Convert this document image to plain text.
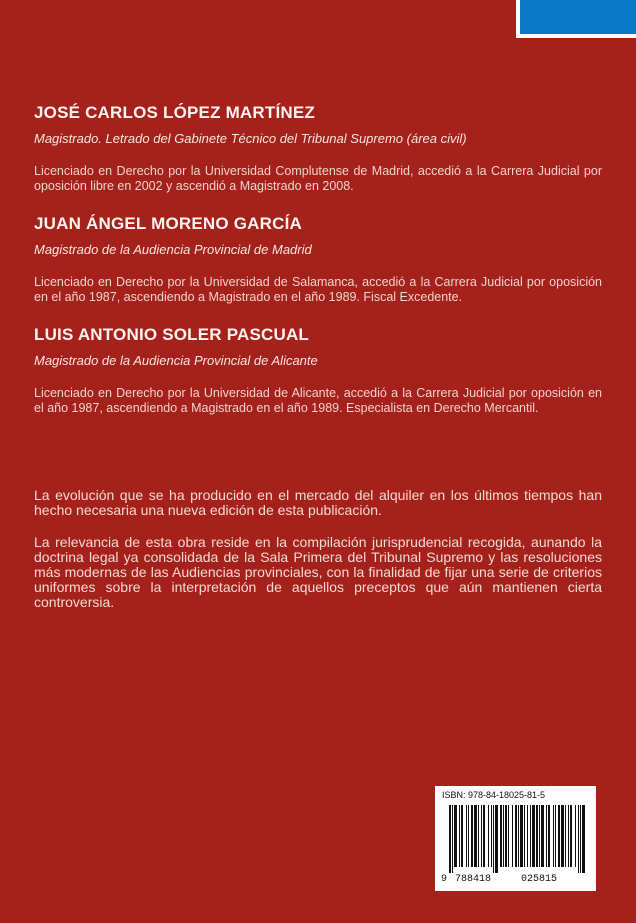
JOSÉ CARLOS LÓPEZ MARTÍNEZ

Magistrado. Letrado del Gabinete Técnico del Tribunal Supremo (área civil)

Licenciado en Derecho por la Universidad Complutense de Madrid, accedió a la Carrera Judicial por oposición libre en 2002 y ascendió a Magistrado en 2008.

JUAN ÁNGEL MORENO GARCÍA

Magistrado de la Audiencia Provincial de Madrid

Licenciado en Derecho por la Universidad de Salamanca, accedió a la Carrera Judicial por oposición en el año 1987, ascendiendo a Magistrado en el año 1989. Fiscal Excedente.

LUIS ANTONIO SOLER PASCUAL

Magistrado de la Audiencia Provincial de Alicante

Licenciado en Derecho por la Universidad de Alicante, accedió a la Carrera Judicial por oposición en el año 1987, ascendiendo a Magistrado en el año 1989. Especialista en Derecho Mercantil.

La evolución que se ha producido en el mercado del alquiler en los últimos tiempos han hecho necesaria una nueva edición de esta publicación.

La relevancia de esta obra reside en la compilación jurisprudencial recogida, aunando la doctrina legal ya consolidada de la Sala Primera del Tribunal Supremo y las resoluciones más modernas de las Audiencias provinciales, con la finalidad de fijar una serie de criterios uniformes sobre la interpretación de aquellos preceptos que aún mantienen cierta controversia.

ISBN: 978-84-18025-81-5
9 788418	025815
